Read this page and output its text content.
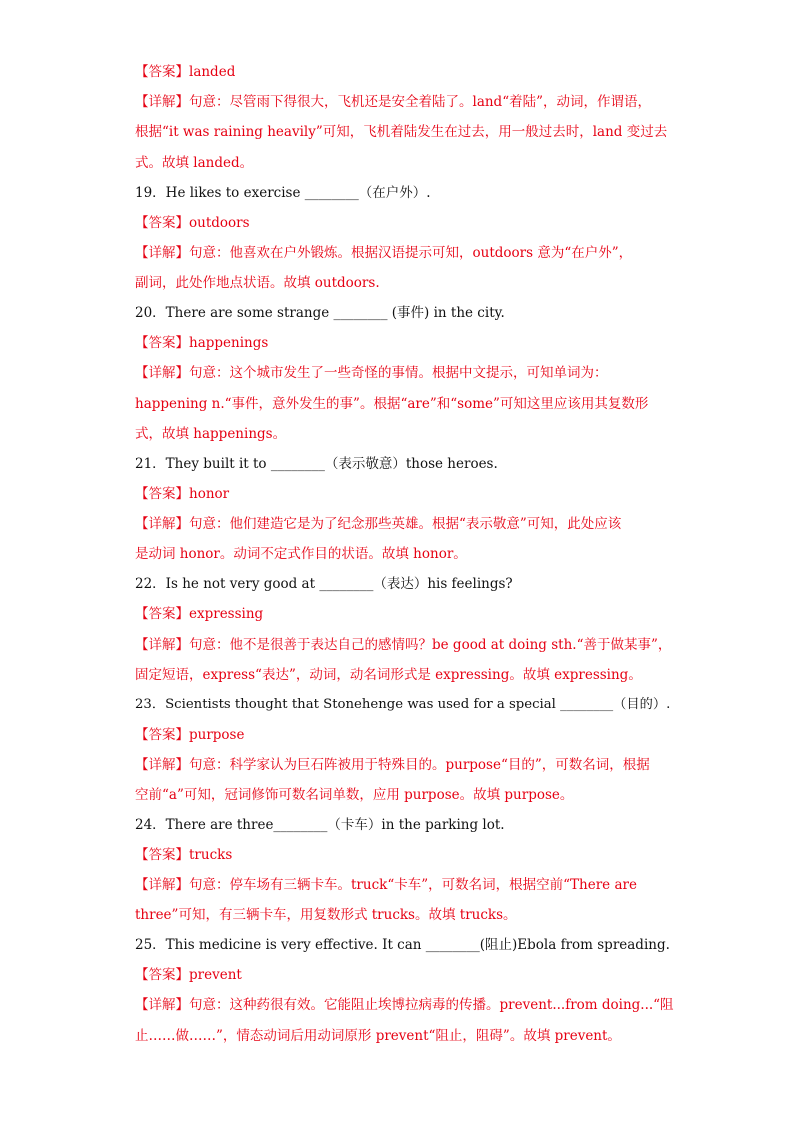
【答案】landed
【详解】句意：尽管雨下得很大，飞机还是安全着陆了。land“着陆”，动词，作谓语，
根据“it was raining heavily”可知，飞机着陆发生在过去，用一般过去时，land 变过去
式。故填 landed。
19．He likes to exercise ________（在户外）.
【答案】outdoors
【详解】句意：他喜欢在户外锻炼。根据汉语提示可知，outdoors 意为“在户外”，
副词，此处作地点状语。故填 outdoors.
20．There are some strange ________ (事件) in the city.
【答案】happenings
【详解】句意：这个城市发生了一些奇怪的事情。根据中文提示，可知单词为：
happening n.“事件，意外发生的事”。根据“are”和“some”可知这里应该用其复数形
式，故填 happenings。
21．They built it to ________（表示敬意）those heroes.
【答案】honor
【详解】句意：他们建造它是为了纪念那些英雄。根据“表示敬意”可知，此处应该
是动词 honor。动词不定式作目的状语。故填 honor。
22．Is he not very good at ________（表达）his feelings?
【答案】expressing
【详解】句意：他不是很善于表达自己的感情吗？be good at doing sth.“善于做某事”，
固定短语，express“表达”，动词，动名词形式是 expressing。故填 expressing。
23．Scientists thought that Stonehenge was used for a special ________（目的）.
【答案】purpose
【详解】句意：科学家认为巨石阵被用于特殊目的。purpose“目的”，可数名词，根据
空前“a”可知，冠词修饰可数名词单数，应用 purpose。故填 purpose。
24．There are three________（卡车）in the parking lot.
【答案】trucks
【详解】句意：停车场有三辆卡车。truck“卡车”，可数名词，根据空前“There are
three”可知，有三辆卡车，用复数形式 trucks。故填 trucks。
25．This medicine is very effective. It can ________(阻止)Ebola from spreading.
【答案】prevent
【详解】句意：这种药很有效。它能阻止埃博拉病毒的传播。prevent...from doing...“阻
止……做……”，情态动词后用动词原形 prevent“阻止，阻碍”。故填 prevent。
